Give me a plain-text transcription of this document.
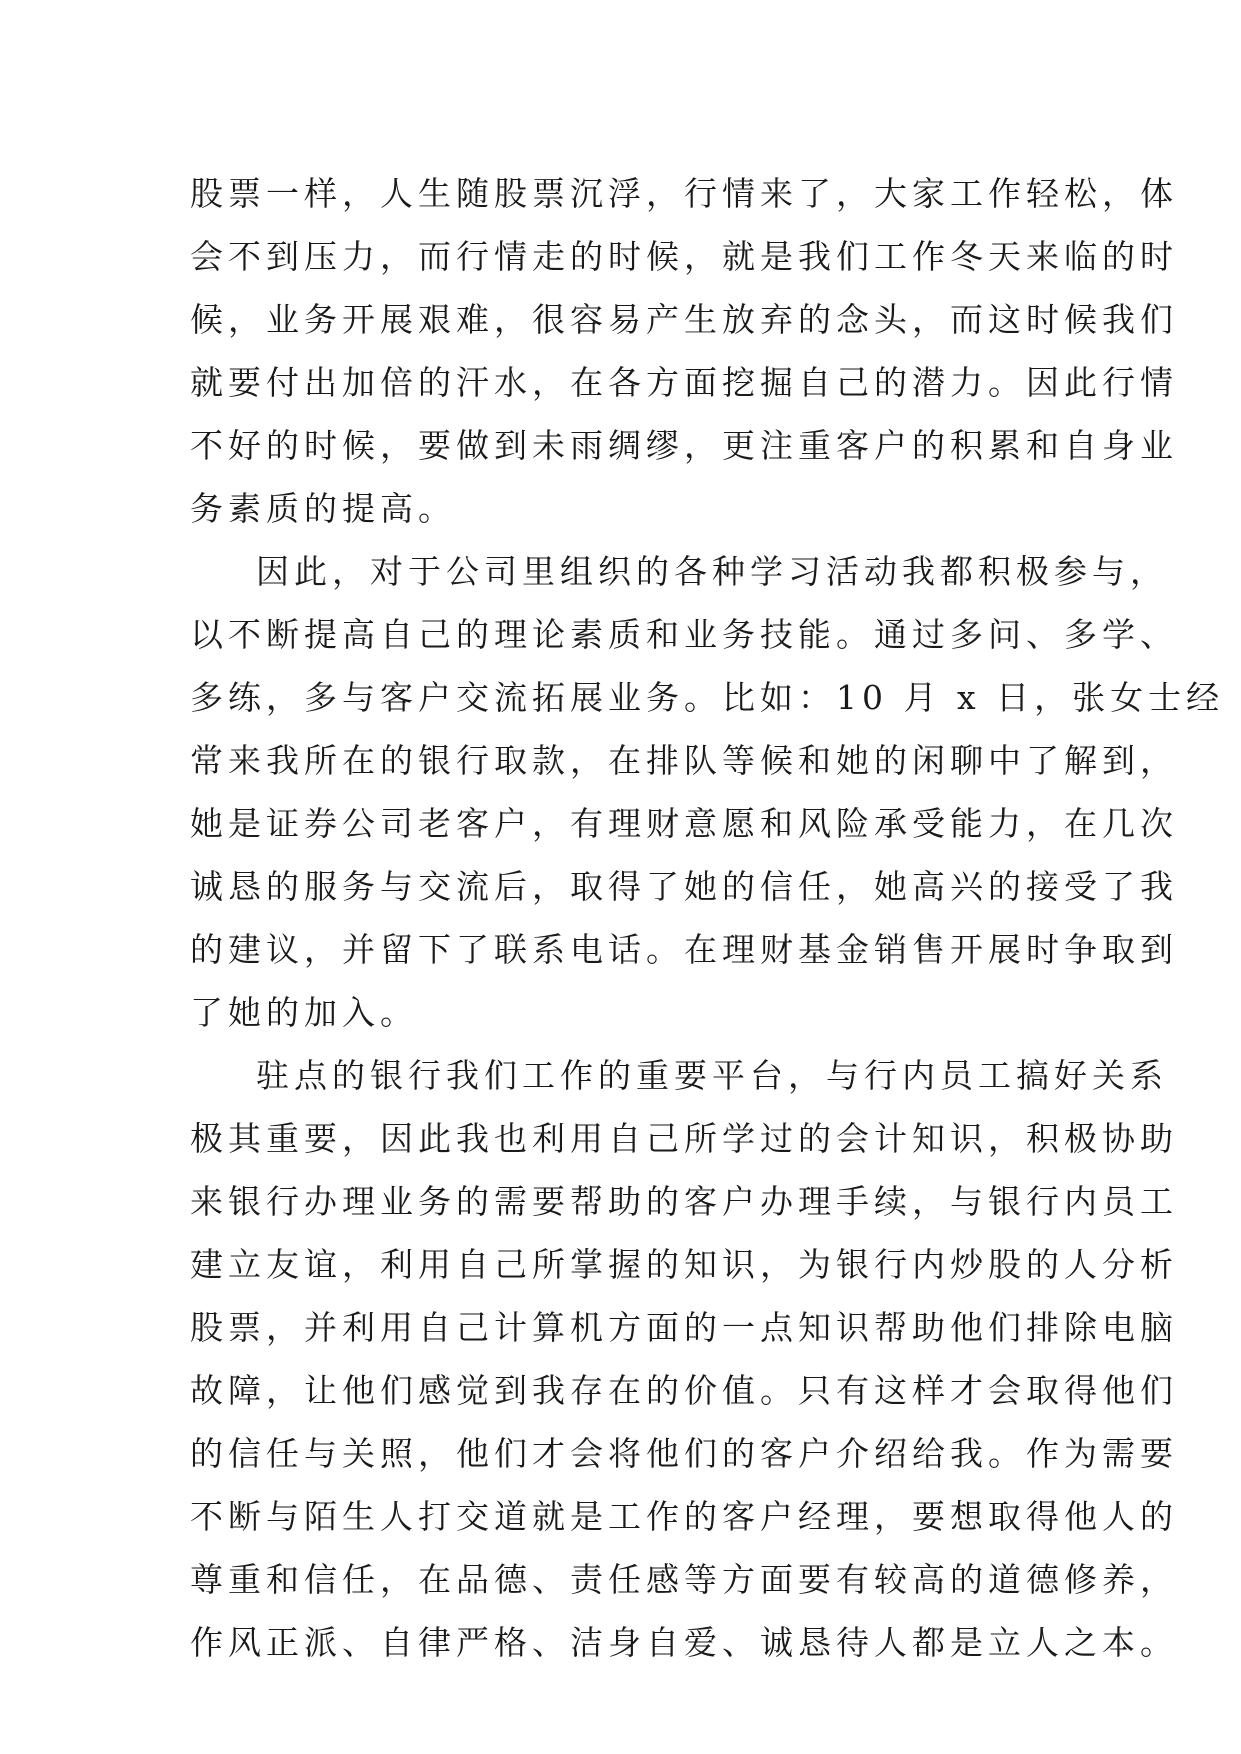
股票一样，人生随股票沉浮，行情来了，大家工作轻松，体
会不到压力，而行情走的时候，就是我们工作冬天来临的时
候，业务开展艰难，很容易产生放弃的念头，而这时候我们
就要付出加倍的汗水，在各方面挖掘自己的潜力。因此行情
不好的时候，要做到未雨绸缪，更注重客户的积累和自身业
务素质的提高。
因此，对于公司里组织的各种学习活动我都积极参与，
以不断提高自己的理论素质和业务技能。通过多问、多学、
多练，多与客户交流拓展业务。比如：10 月 x 日，张女士经
常来我所在的银行取款，在排队等候和她的闲聊中了解到，
她是证券公司老客户，有理财意愿和风险承受能力，在几次
诚恳的服务与交流后，取得了她的信任，她高兴的接受了我
的建议，并留下了联系电话。在理财基金销售开展时争取到
了她的加入。
驻点的银行我们工作的重要平台，与行内员工搞好关系
极其重要，因此我也利用自己所学过的会计知识，积极协助
来银行办理业务的需要帮助的客户办理手续，与银行内员工
建立友谊，利用自己所掌握的知识，为银行内炒股的人分析
股票，并利用自己计算机方面的一点知识帮助他们排除电脑
故障，让他们感觉到我存在的价值。只有这样才会取得他们
的信任与关照，他们才会将他们的客户介绍给我。作为需要
不断与陌生人打交道就是工作的客户经理，要想取得他人的
尊重和信任，在品德、责任感等方面要有较高的道德修养，
作风正派、自律严格、洁身自爱、诚恳待人都是立人之本。
